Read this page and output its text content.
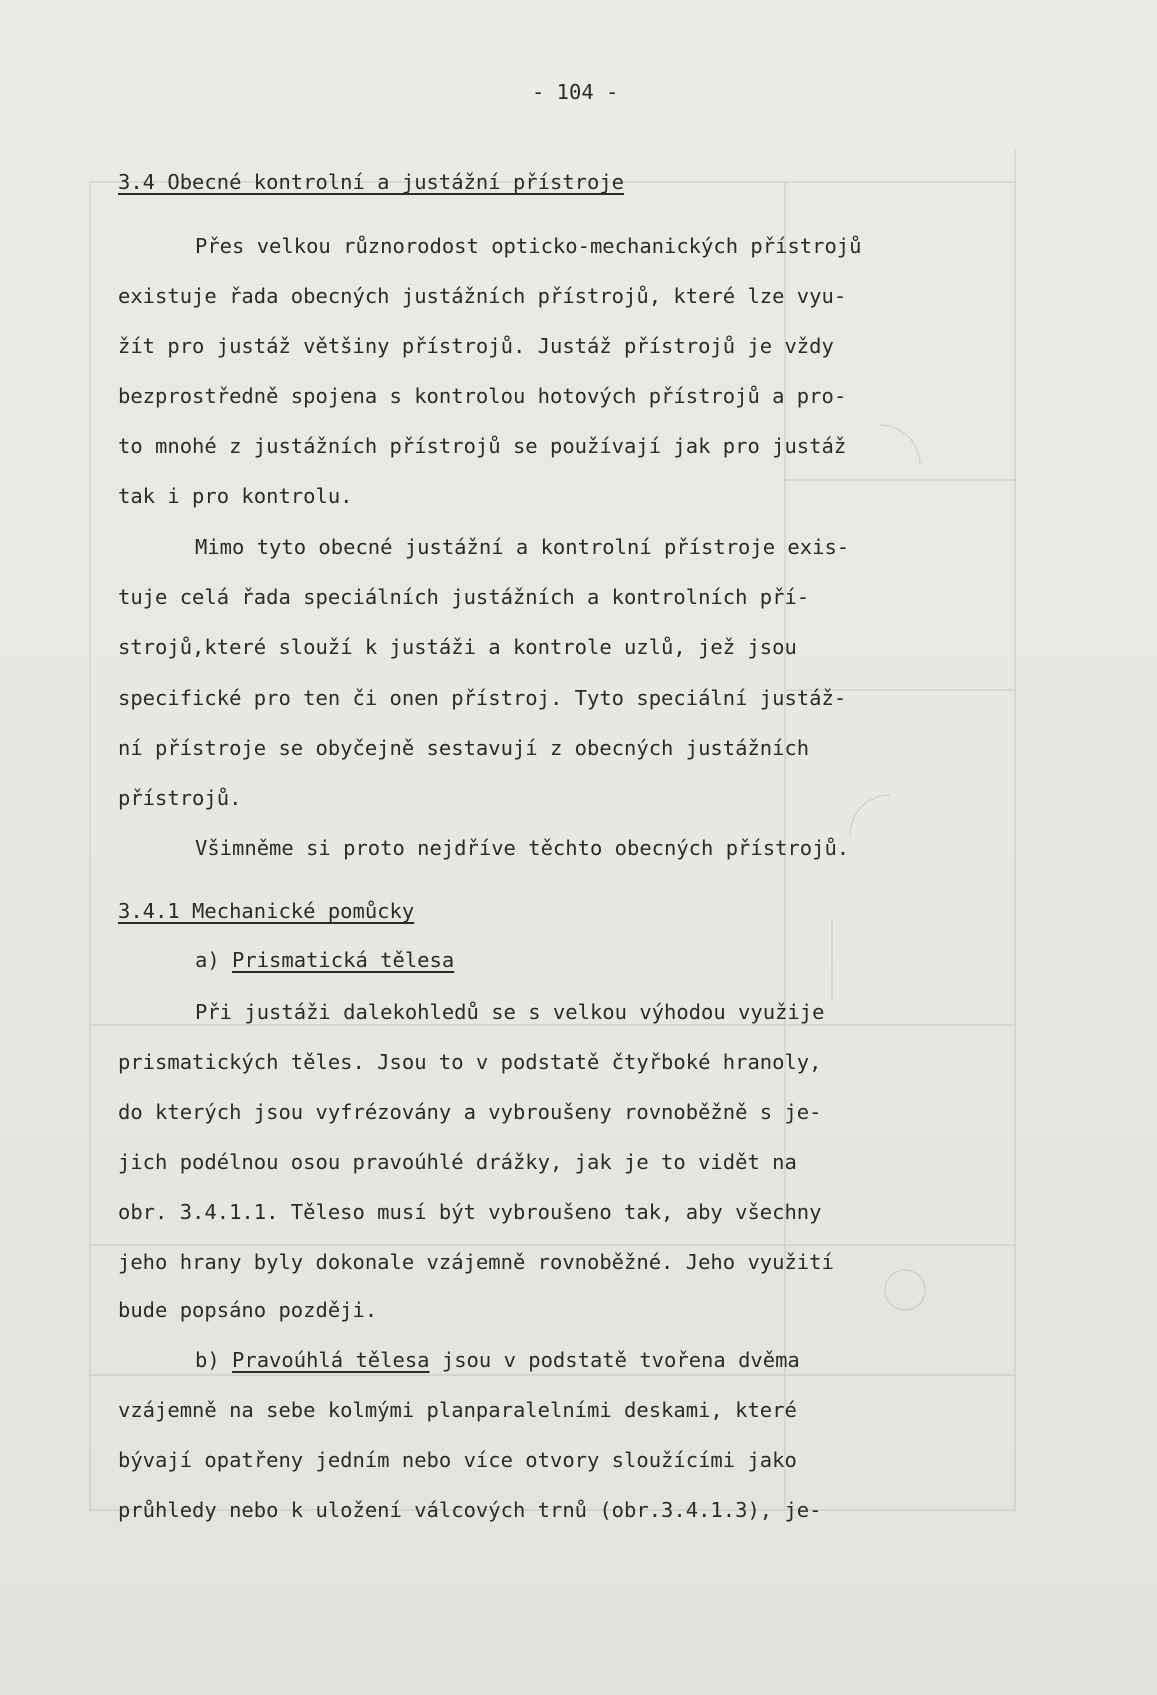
- 104 -
3.4 Obecné kontrolní a justážní přístroje
Přes velkou různorodost opticko-mechanických přístrojů
existuje řada obecných justážních přístrojů, které lze vyu-
žít pro justáž většiny přístrojů. Justáž přístrojů je vždy
bezprostředně spojena s kontrolou hotových přístrojů a pro-
to mnohé z justážních přístrojů se používají jak pro justáž
tak i pro kontrolu.
Mimo tyto obecné justážní a kontrolní přístroje exis-
tuje celá řada speciálních justážních a kontrolních pří-
strojů,které slouží k justáži a kontrole uzlů, jež jsou
specifické pro ten či onen přístroj. Tyto speciální justáž-
ní přístroje se obyčejně sestavují z obecných justážních
přístrojů.
Všimněme si proto nejdříve těchto obecných přístrojů.
3.4.1 Mechanické pomůcky
a) Prismatická tělesa
Při justáži dalekohledů se s velkou výhodou využije
prismatických těles. Jsou to v podstatě čtyřboké hranoly,
do kterých jsou vyfrézovány a vybroušeny rovnoběžně s je-
jich podélnou osou pravoúhlé drážky, jak je to vidět na
obr. 3.4.1.1. Těleso musí být vybroušeno tak, aby všechny
jeho hrany byly dokonale vzájemně rovnoběžné. Jeho využití
bude popsáno později.
b) Pravoúhlá tělesa jsou v podstatě tvořena dvěma
vzájemně na sebe kolmými planparalelními deskami, které
bývají opatřeny jedním nebo více otvory sloužícími jako
průhledy nebo k uložení válcových trnů (obr.3.4.1.3), je-
